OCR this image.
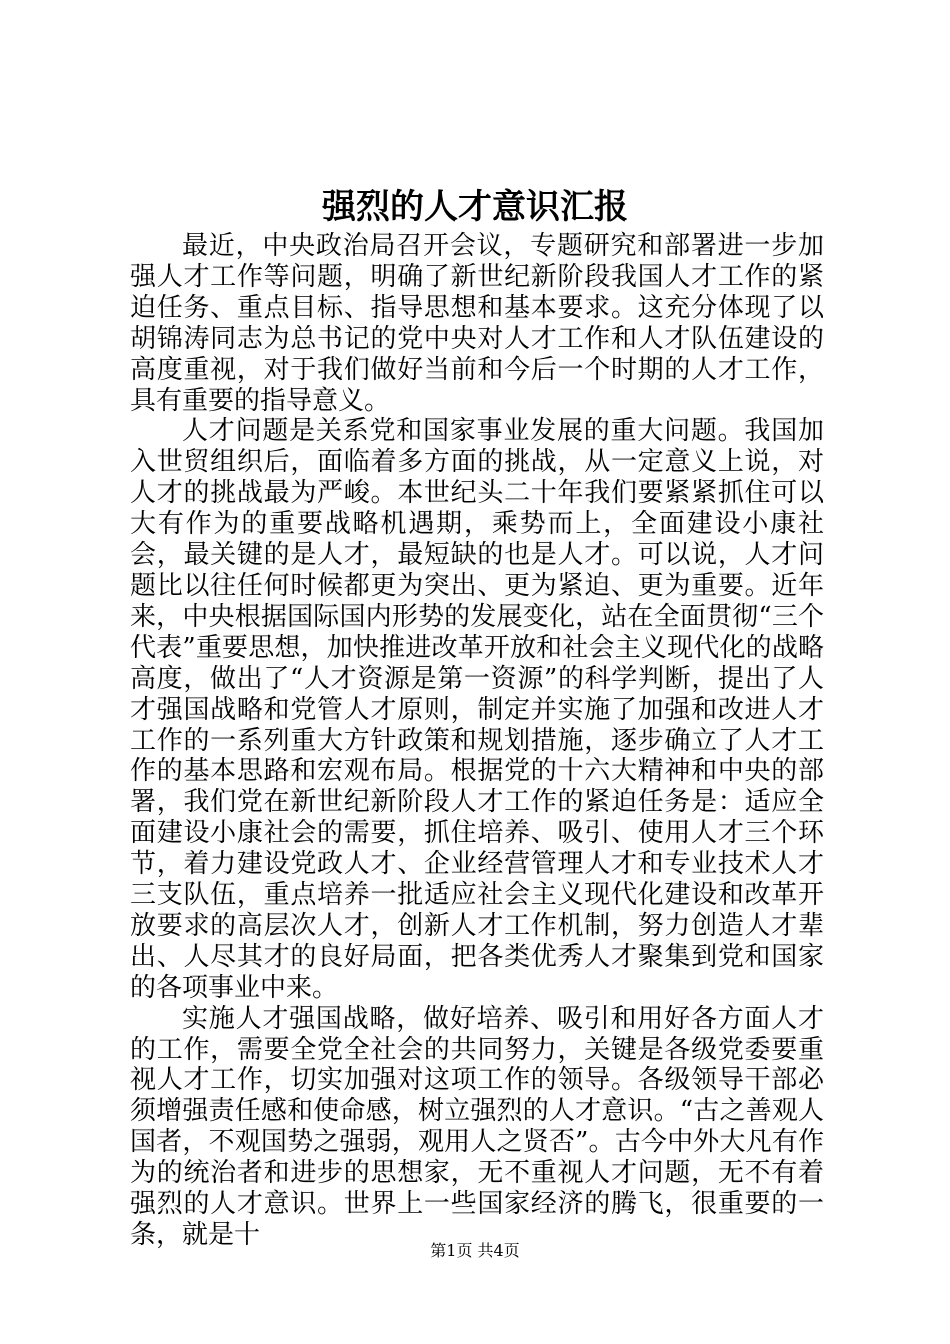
强烈的人才意识汇报

最近，中央政治局召开会议，专题研究和部署进一步加强人才工作等问题，明确了新世纪新阶段我国人才工作的紧迫任务、重点目标、指导思想和基本要求。这充分体现了以胡锦涛同志为总书记的党中央对人才工作和人才队伍建设的高度重视，对于我们做好当前和今后一个时期的人才工作，具有重要的指导意义。

人才问题是关系党和国家事业发展的重大问题。我国加入世贸组织后，面临着多方面的挑战，从一定意义上说，对人才的挑战最为严峻。本世纪头二十年我们要紧紧抓住可以大有作为的重要战略机遇期，乘势而上，全面建设小康社会，最关键的是人才，最短缺的也是人才。可以说，人才问题比以往任何时候都更为突出、更为紧迫、更为重要。近年来，中央根据国际国内形势的发展变化，站在全面贯彻“三个代表”重要思想，加快推进改革开放和社会主义现代化的战略高度，做出了“人才资源是第一资源”的科学判断，提出了人才强国战略和党管人才原则，制定并实施了加强和改进人才工作的一系列重大方针政策和规划措施，逐步确立了人才工作的基本思路和宏观布局。根据党的十六大精神和中央的部署，我们党在新世纪新阶段人才工作的紧迫任务是：适应全面建设小康社会的需要，抓住培养、吸引、使用人才三个环节，着力建设党政人才、企业经营管理人才和专业技术人才三支队伍，重点培养一批适应社会主义现代化建设和改革开放要求的高层次人才，创新人才工作机制，努力创造人才辈出、人尽其才的良好局面，把各类优秀人才聚集到党和国家的各项事业中来。

实施人才强国战略，做好培养、吸引和用好各方面人才的工作，需要全党全社会的共同努力，关键是各级党委要重视人才工作，切实加强对这项工作的领导。各级领导干部必须增强责任感和使命感，树立强烈的人才意识。“古之善观人国者，不观国势之强弱，观用人之贤否”。古今中外大凡有作为的统治者和进步的思想家，无不重视人才问题，无不有着强烈的人才意识。世界上一些国家经济的腾飞，很重要的一条，就是十

第1页 共4页
